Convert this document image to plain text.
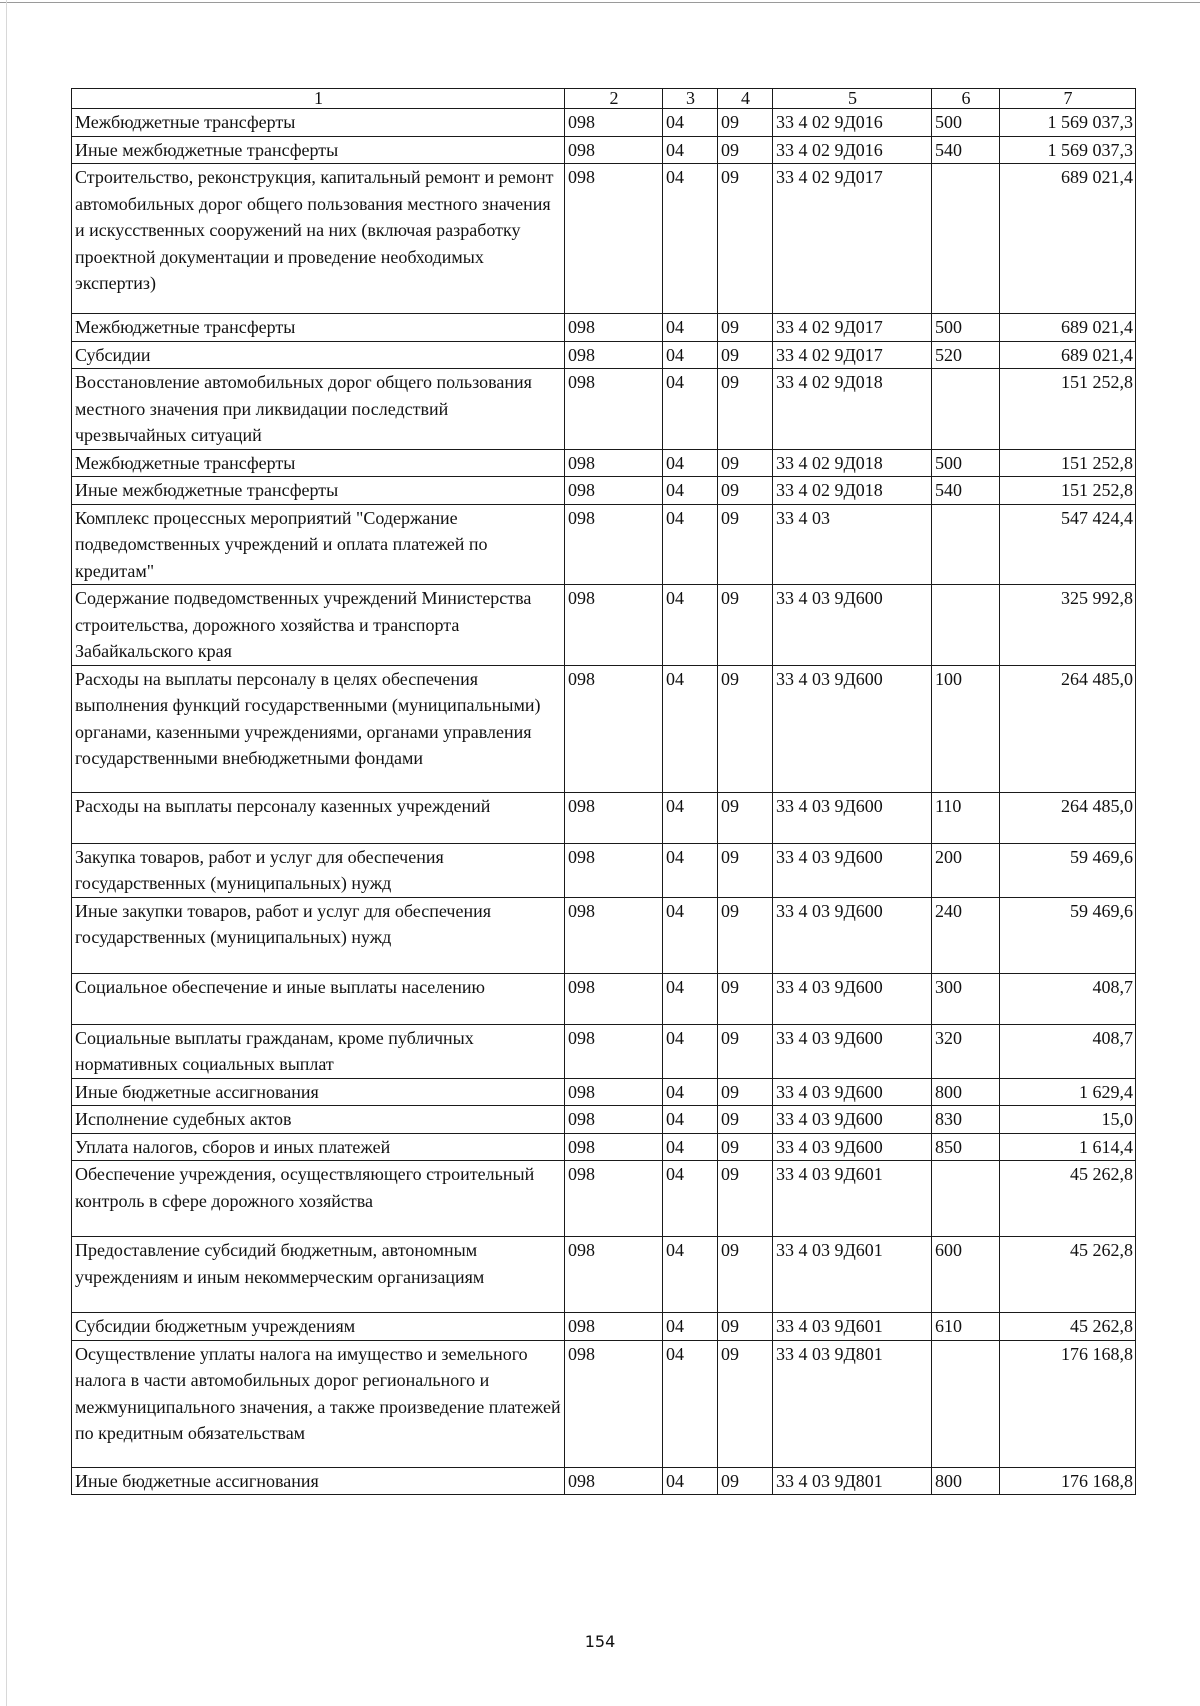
1	2	3	4	5	6	7
Межбюджетные трансферты	098	04	09	33 4 02 9Д016	500	1 569 037,3
Иные межбюджетные трансферты	098	04	09	33 4 02 9Д016	540	1 569 037,3
Строительство, реконструкция, капитальный ремонт и ремонт автомобильных дорог общего пользования местного значения и искусственных сооружений на них (включая разработку проектной документации и проведение необходимых экспертиз)	098	04	09	33 4 02 9Д017		689 021,4
Межбюджетные трансферты	098	04	09	33 4 02 9Д017	500	689 021,4
Субсидии	098	04	09	33 4 02 9Д017	520	689 021,4
Восстановление автомобильных дорог общего пользования местного значения при ликвидации последствий чрезвычайных ситуаций	098	04	09	33 4 02 9Д018		151 252,8
Межбюджетные трансферты	098	04	09	33 4 02 9Д018	500	151 252,8
Иные межбюджетные трансферты	098	04	09	33 4 02 9Д018	540	151 252,8
Комплекс процессных мероприятий "Содержание подведомственных учреждений и оплата платежей по кредитам"	098	04	09	33 4 03		547 424,4
Содержание подведомственных учреждений Министерства строительства, дорожного хозяйства и транспорта Забайкальского края	098	04	09	33 4 03 9Д600		325 992,8
Расходы на выплаты персоналу в целях обеспечения выполнения функций государственными (муниципальными) органами, казенными учреждениями, органами управления государственными внебюджетными фондами	098	04	09	33 4 03 9Д600	100	264 485,0
Расходы на выплаты персоналу казенных учреждений	098	04	09	33 4 03 9Д600	110	264 485,0
Закупка товаров, работ и услуг для обеспечения государственных (муниципальных) нужд	098	04	09	33 4 03 9Д600	200	59 469,6
Иные закупки товаров, работ и услуг для обеспечения государственных (муниципальных) нужд	098	04	09	33 4 03 9Д600	240	59 469,6
Социальное обеспечение и иные выплаты населению	098	04	09	33 4 03 9Д600	300	408,7
Социальные выплаты гражданам, кроме публичных нормативных социальных выплат	098	04	09	33 4 03 9Д600	320	408,7
Иные бюджетные ассигнования	098	04	09	33 4 03 9Д600	800	1 629,4
Исполнение судебных актов	098	04	09	33 4 03 9Д600	830	15,0
Уплата налогов, сборов и иных платежей	098	04	09	33 4 03 9Д600	850	1 614,4
Обеспечение учреждения, осуществляющего строительный контроль в сфере дорожного хозяйства	098	04	09	33 4 03 9Д601		45 262,8
Предоставление субсидий бюджетным, автономным учреждениям и иным некоммерческим организациям	098	04	09	33 4 03 9Д601	600	45 262,8
Субсидии бюджетным учреждениям	098	04	09	33 4 03 9Д601	610	45 262,8
Осуществление уплаты налога на имущество и земельного налога в части автомобильных дорог регионального и межмуниципального значения, а также произведение платежей по кредитным обязательствам	098	04	09	33 4 03 9Д801		176 168,8
Иные бюджетные ассигнования	098	04	09	33 4 03 9Д801	800	176 168,8
154
